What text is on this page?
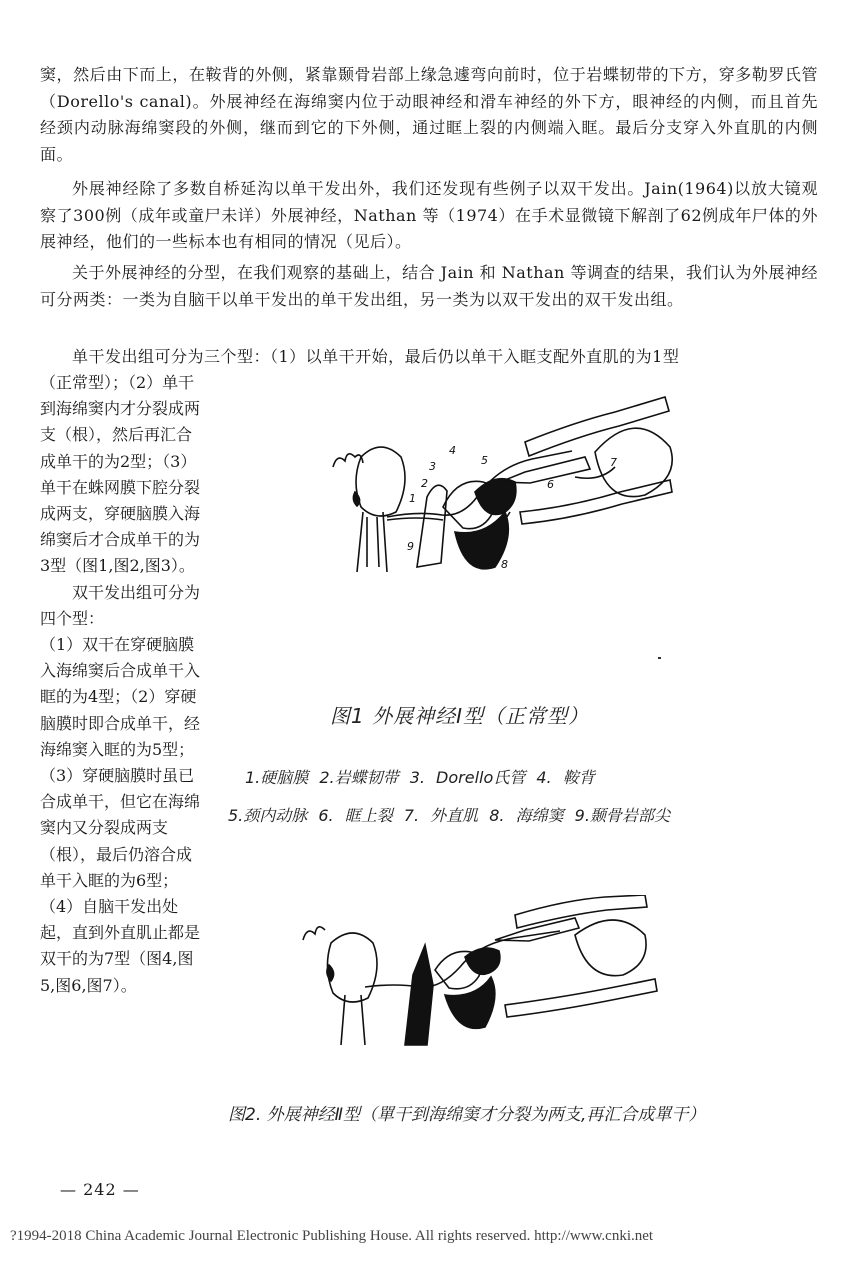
窦，然后由下而上，在鞍背的外侧，紧靠颞骨岩部上缘急遽弯向前时，位于岩蝶韧带的下方，穿多勒罗氏管（Dorello's canal)。外展神经在海绵窦内位于动眼神经和滑车神经的外下方，眼神经的内侧，而且首先经颈内动脉海绵窦段的外侧，继而到它的下外侧，通过眶上裂的内侧端入眶。最后分支穿入外直肌的内侧面。

外展神经除了多数自桥延沟以单干发出外，我们还发现有些例子以双干发出。Jain(1964)以放大镜观察了300例（成年或童尸未详）外展神经，Nathan 等（1974）在手术显微镜下解剖了62例成年尸体的外展神经，他们的一些标本也有相同的情况（见后）。

关于外展神经的分型，在我们观察的基础上，结合 Jain 和 Nathan 等调查的结果，我们认为外展神经可分两类：一类为自脑干以单干发出的单干发出组，另一类为以双干发出的双干发出组。

单干发出组可分为三个型：（1）以单干开始，最后仍以单干入眶支配外直肌的为1型

（正常型）；（2）单干到海绵窦内才分裂成两支（根），然后再汇合成单干的为2型；（3）单干在蛛网膜下腔分裂成两支，穿硬脑膜入海绵窦后才合成单干的为3型（图1,图2,图3）。

双干发出组可分为四个型：

（1）双干在穿硬脑膜入海绵窦后合成单干入眶的为4型；（2）穿硬脑膜时即合成单干，经海绵窦入眶的为5型；（3）穿硬脑膜时虽已合成单干，但它在海绵窦内又分裂成两支（根），最后仍溶合成单干入眶的为6型；（4）自脑干发出处起，直到外直肌止都是双干的为7型（图4,图5,图6,图7）。

1
2
3
4
5
6
7
8
9
图1 外展神经Ⅰ型（正常型）
1.硬脑膜 2.岩蝶韧带 3. Dorello氏管 4. 鞍背
5.颈内动脉 6. 眶上裂 7. 外直肌 8. 海绵窦 9.颞骨岩部尖
图2. 外展神经Ⅱ型（單干到海绵窦才分裂为两支,再汇合成單干）
— 242 —
?1994-2018 China Academic Journal Electronic Publishing House. All rights reserved. http://www.cnki.net
